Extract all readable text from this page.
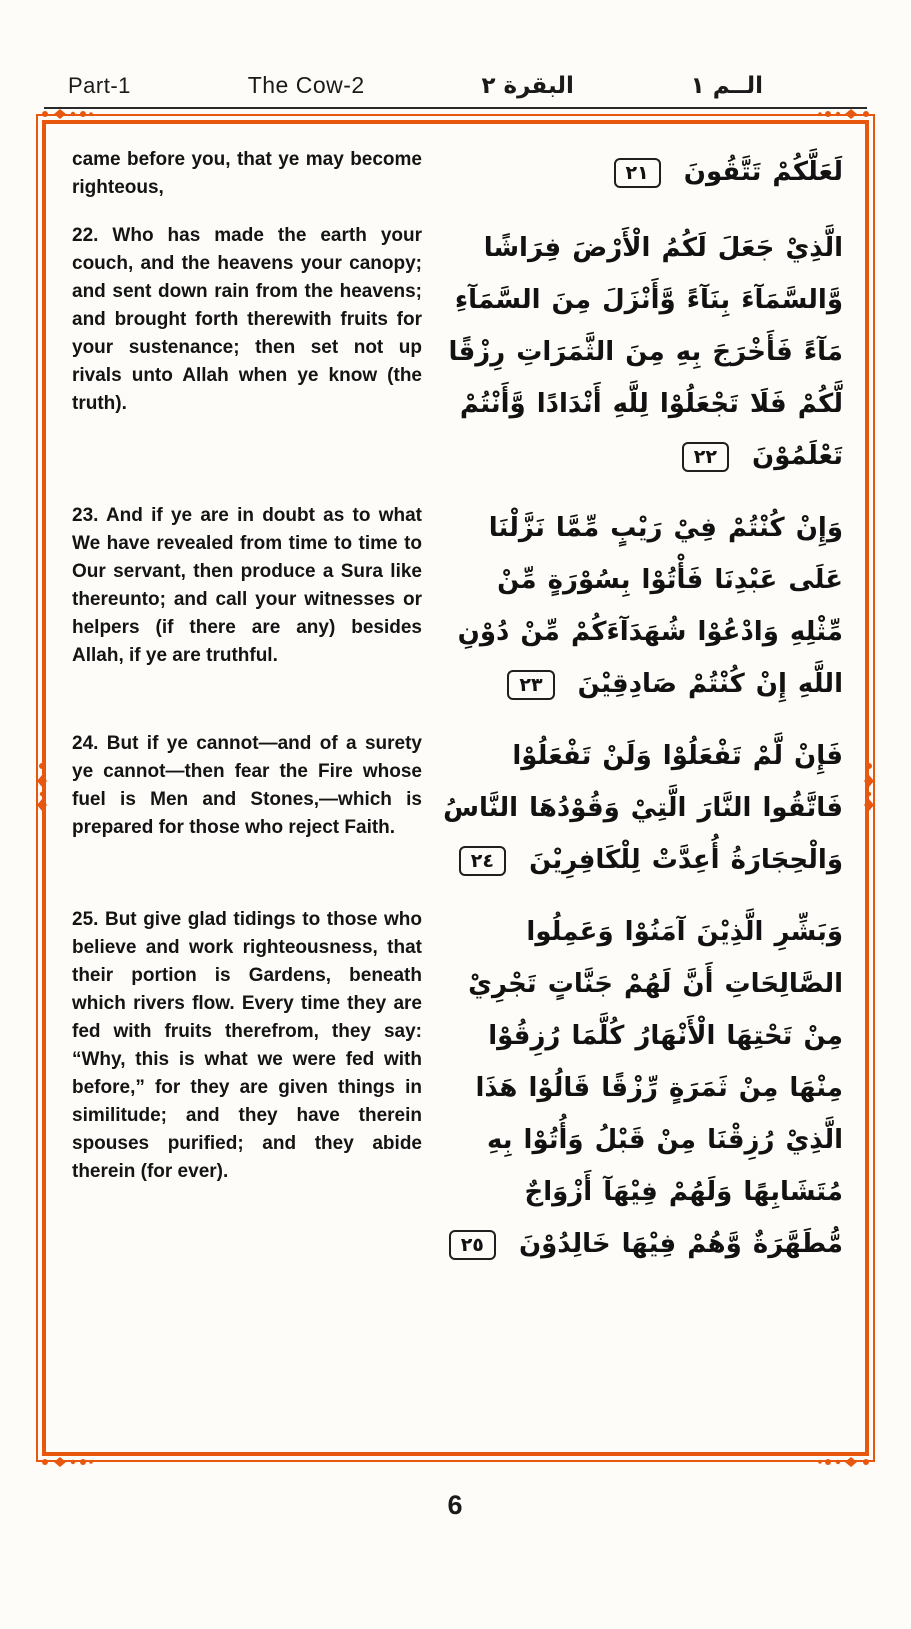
Part-1	The Cow-2	البقرة ٢	الــم ١

came before you, that ye may become righteous,

لَعَلَّكُمْ تَتَّقُونَ ٢١

22. Who has made the earth your couch, and the heavens your canopy; and sent down rain from the heavens; and brought forth therewith fruits for your sustenance; then set not up rivals unto Allah when ye know (the truth).

الَّذِيْ جَعَلَ لَكُمُ الْأَرْضَ فِرَاشًا وَّالسَّمَآءَ بِنَآءً وَّأَنْزَلَ مِنَ السَّمَآءِ مَآءً فَأَخْرَجَ بِهِ مِنَ الثَّمَرَاتِ رِزْقًا لَّكُمْ فَلَا تَجْعَلُوْا لِلَّهِ أَنْدَادًا وَّأَنْتُمْ تَعْلَمُوْنَ ٢٢

23. And if ye are in doubt as to what We have revealed from time to time to Our servant, then produce a Sura like thereunto; and call your witnesses or helpers (if there are any) besides Allah, if ye are truthful.

وَإِنْ كُنْتُمْ فِيْ رَيْبٍ مِّمَّا نَزَّلْنَا عَلَى عَبْدِنَا فَأْتُوْا بِسُوْرَةٍ مِّنْ مِّثْلِهِ وَادْعُوْا شُهَدَآءَكُمْ مِّنْ دُوْنِ اللَّهِ إِنْ كُنْتُمْ صَادِقِيْنَ ٢٣

24. But if ye cannot—and of a surety ye cannot—then fear the Fire whose fuel is Men and Stones,—which is prepared for those who reject Faith.

فَإِنْ لَّمْ تَفْعَلُوْا وَلَنْ تَفْعَلُوْا فَاتَّقُوا النَّارَ الَّتِيْ وَقُوْدُهَا النَّاسُ وَالْحِجَارَةُ أُعِدَّتْ لِلْكَافِرِيْنَ ٢٤

25. But give glad tidings to those who believe and work righteousness, that their portion is Gardens, beneath which rivers flow. Every time they are fed with fruits therefrom, they say: “Why, this is what we were fed with before,” for they are given things in similitude; and they have therein spouses purified; and they abide therein (for ever).

وَبَشِّرِ الَّذِيْنَ آمَنُوْا وَعَمِلُوا الصَّالِحَاتِ أَنَّ لَهُمْ جَنَّاتٍ تَجْرِيْ مِنْ تَحْتِهَا الْأَنْهَارُ كُلَّمَا رُزِقُوْا مِنْهَا مِنْ ثَمَرَةٍ رِّزْقًا قَالُوْا هَذَا الَّذِيْ رُزِقْنَا مِنْ قَبْلُ وَأُتُوْا بِهِ مُتَشَابِهًا وَلَهُمْ فِيْهَآ أَزْوَاجٌ مُّطَهَّرَةٌ وَّهُمْ فِيْهَا خَالِدُوْنَ ٢٥

6
